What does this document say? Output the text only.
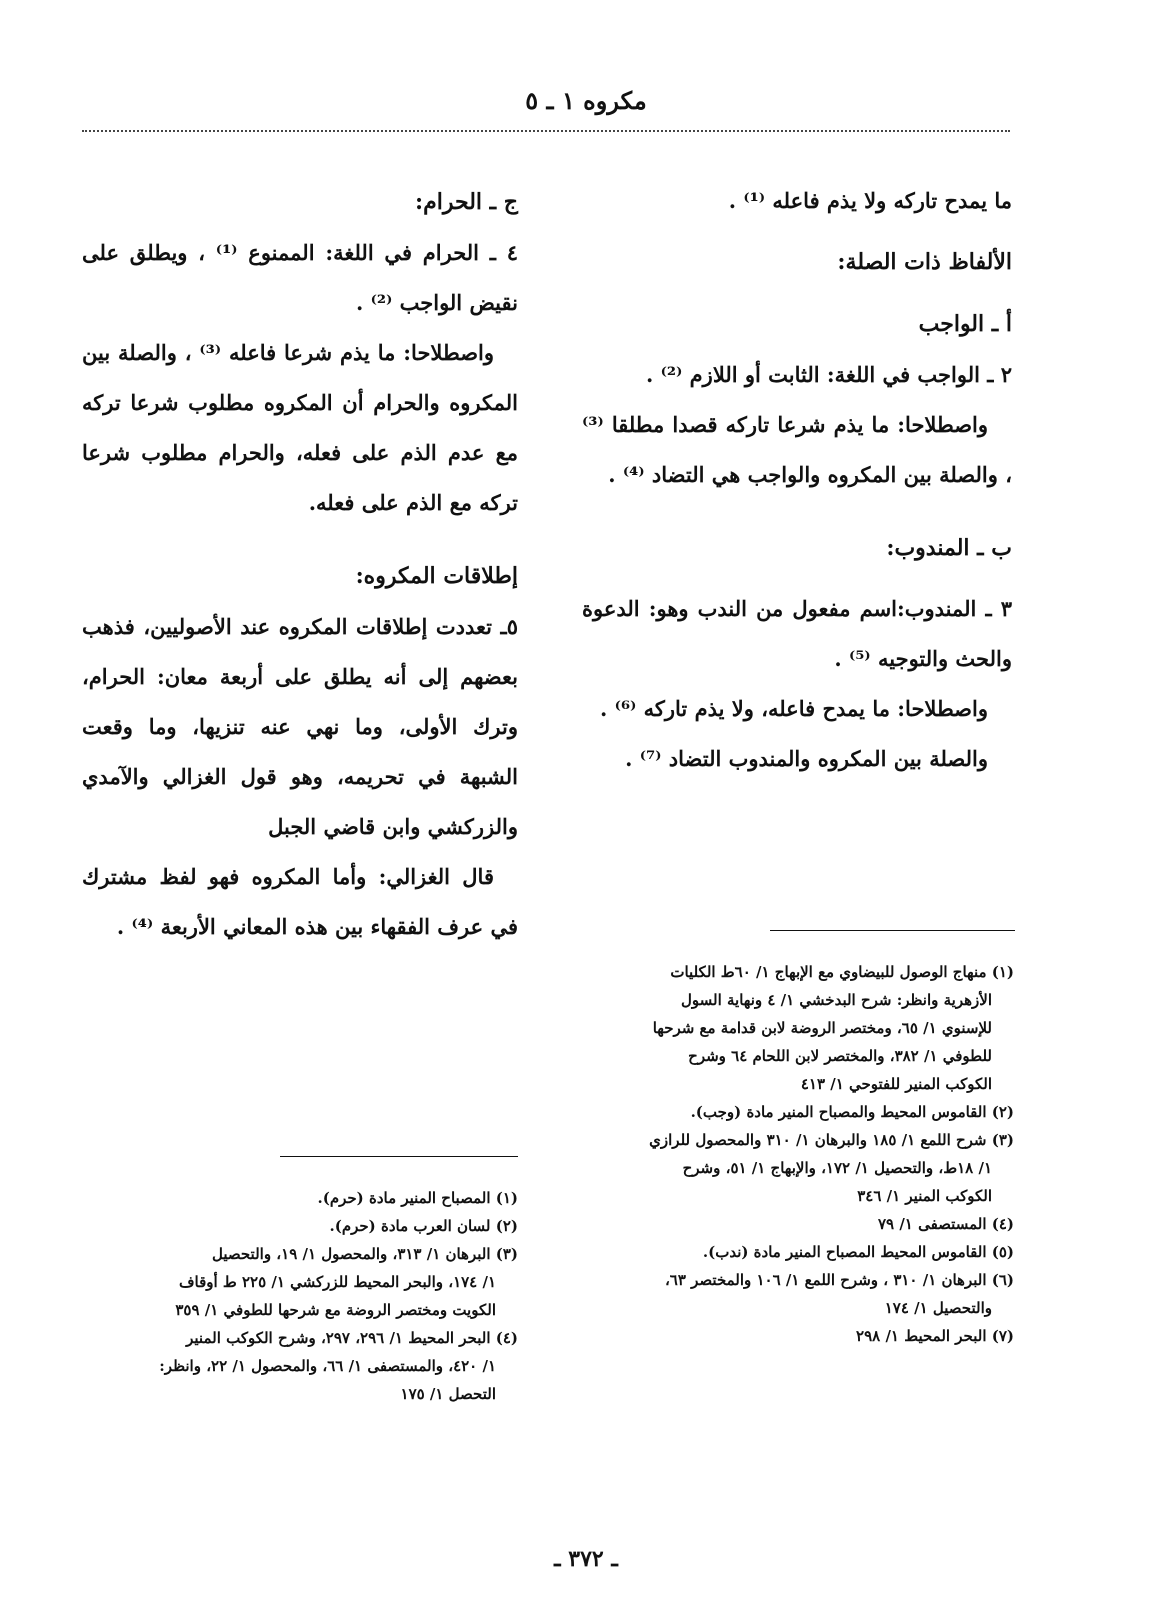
مكروه ١ ـ ٥

ما يمدح تاركه ولا يذم فاعله ⁽¹⁾ .

الألفاظ ذات الصلة:

أ ـ الواجب

٢ ـ الواجب في اللغة: الثابت أو اللازم ⁽²⁾ .

واصطلاحا: ما يذم شرعا تاركه قصدا مطلقا ⁽³⁾ ، والصلة بين المكروه والواجب هي التضاد ⁽⁴⁾ .

ب ـ المندوب:

٣ ـ المندوب:اسم مفعول من الندب وهو: الدعوة والحث والتوجيه ⁽⁵⁾ .

واصطلاحا: ما يمدح فاعله، ولا يذم تاركه ⁽⁶⁾ .

والصلة بين المكروه والمندوب التضاد ⁽⁷⁾ .

ج ـ الحرام:

٤ ـ الحرام في اللغة: الممنوع ⁽¹⁾ ، ويطلق على نقيض الواجب ⁽²⁾ .

واصطلاحا: ما يذم شرعا فاعله ⁽³⁾ ، والصلة بين المكروه والحرام أن المكروه مطلوب شرعا تركه مع عدم الذم على فعله، والحرام مطلوب شرعا تركه مع الذم على فعله.

إطلاقات المكروه:

٥ـ تعددت إطلاقات المكروه عند الأصوليين، فذهب بعضهم إلى أنه يطلق على أربعة معان: الحرام، وترك الأولى، وما نهي عنه تنزيها، وما وقعت الشبهة في تحريمه، وهو قول الغزالي والآمدي والزركشي وابن قاضي الجبل

قال الغزالي: وأما المكروه فهو لفظ مشترك في عرف الفقهاء بين هذه المعاني الأربعة ⁽⁴⁾ .

(١) منهاج الوصول للبيضاوي مع الإبهاج ١/ ٦٠ط الكليات
الأزهرية وانظر: شرح البدخشي ١/ ٤ ونهاية السول
للإسنوي ١/ ٦٥، ومختصر الروضة لابن قدامة مع شرحها
للطوفي ١/ ٣٨٢، والمختصر لابن اللحام ٦٤ وشرح
الكوكب المنير للفتوحي ١/ ٤١٣
(٢) القاموس المحيط والمصباح المنير مادة (وجب).
(٣) شرح اللمع ١/ ١٨٥ والبرهان ١/ ٣١٠ والمحصول للرازي
١/ ١٨ط، والتحصيل ١/ ١٧٢، والإبهاج ١/ ٥١، وشرح
الكوكب المنير ١/ ٣٤٦
(٤) المستصفى ١/ ٧٩
(٥) القاموس المحيط المصباح المنير مادة (ندب).
(٦) البرهان ١/ ٣١٠ ، وشرح اللمع ١/ ١٠٦ والمختصر ٦٣،
والتحصيل ١/ ١٧٤
(٧) البحر المحيط ١/ ٢٩٨
(١) المصباح المنير مادة (حرم).
(٢) لسان العرب مادة (حرم).
(٣) البرهان ١/ ٣١٣، والمحصول ١/ ١٩، والتحصيل
١/ ١٧٤، والبحر المحيط للزركشي ١/ ٢٢٥ ط أوقاف
الكويت ومختصر الروضة مع شرحها للطوفي ١/ ٣٥٩
(٤) البحر المحيط ١/ ٢٩٦، ٢٩٧، وشرح الكوكب المنير
١/ ٤٢٠، والمستصفى ١/ ٦٦، والمحصول ١/ ٢٢، وانظر:
التحصل ١/ ١٧٥
ـ ٣٧٢ ـ
